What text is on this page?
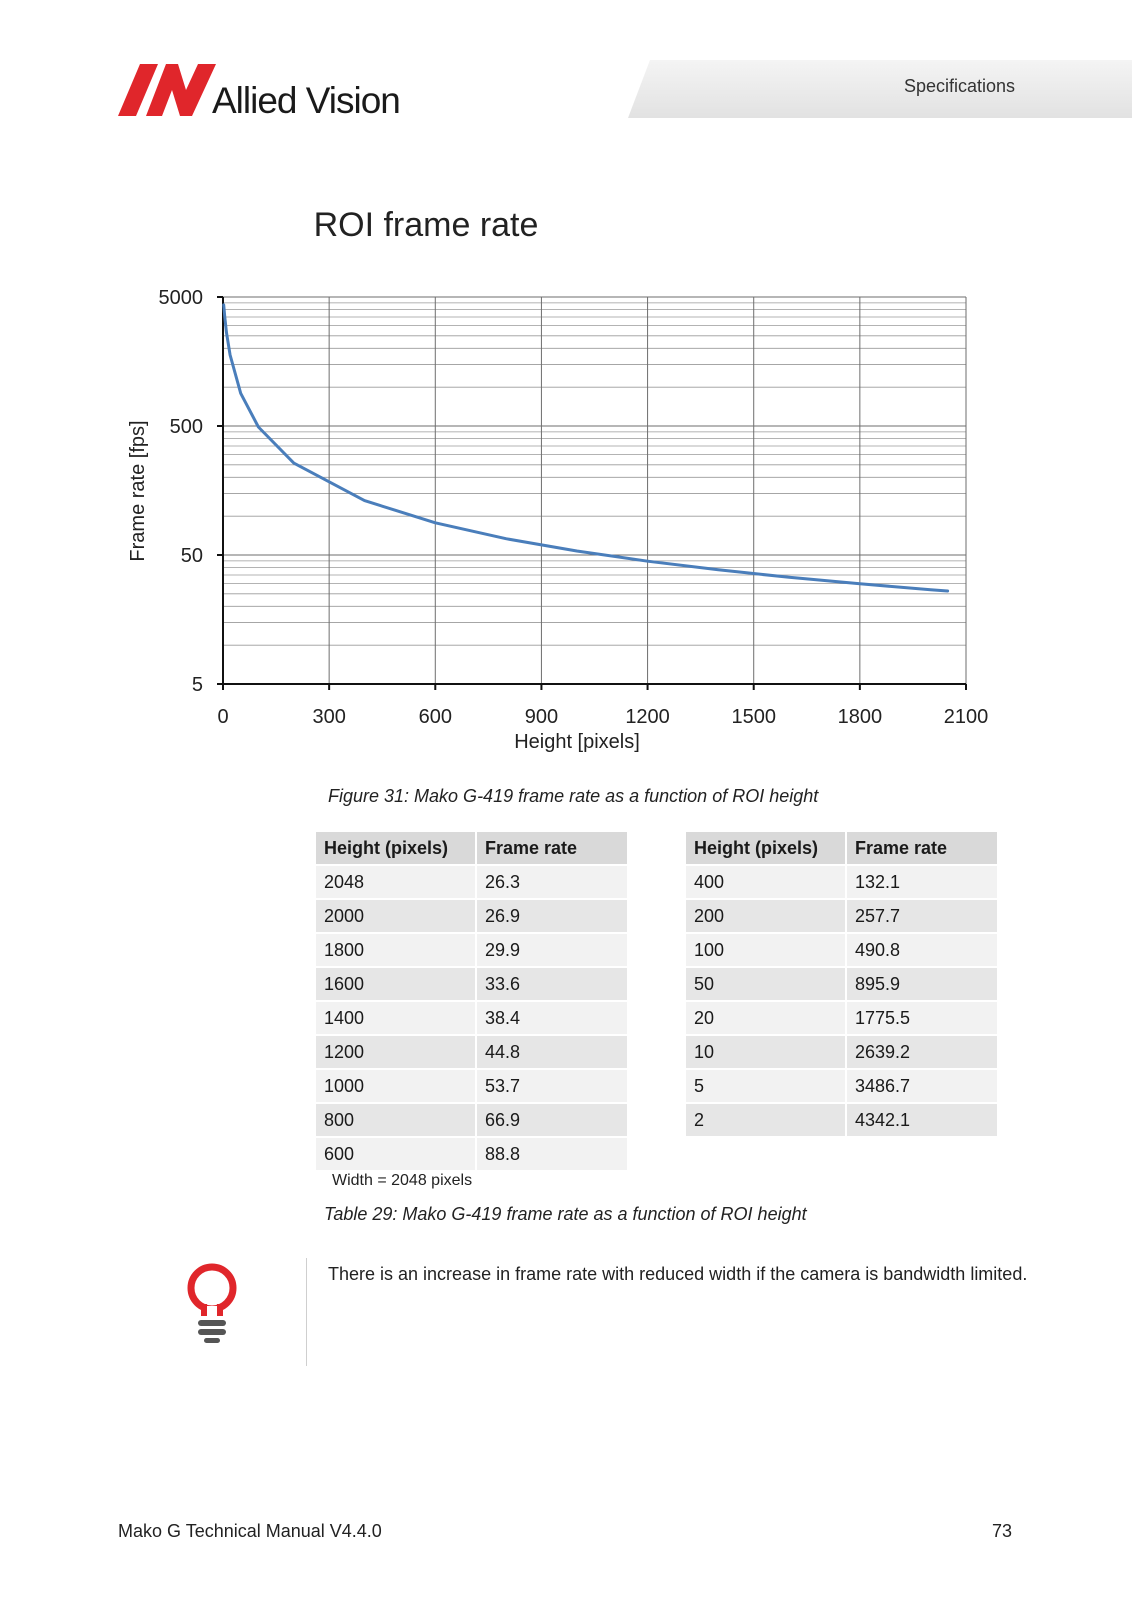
Specifications
Allied Vision
ROI frame rate
5
50
500
5000
0	300	600	900	1200	1500	1800	2100
Height [pixels]
Frame rate [fps]
Figure 31: Mako G-419 frame rate as a function of ROI height
Height (pixels)	Frame rate
2048	26.3
2000	26.9
1800	29.9
1600	33.6
1400	38.4
1200	44.8
1000	53.7
800	66.9
600	88.8
Height (pixels)	Frame rate
400	132.1
200	257.7
100	490.8
50	895.9
20	1775.5
10	2639.2
5	3486.7
2	4342.1
Width = 2048 pixels
Table 29: Mako G-419 frame rate as a function of ROI height
There is an increase in frame rate with reduced width if the camera is bandwidth limited.
Mako G Technical Manual V4.4.0	73
